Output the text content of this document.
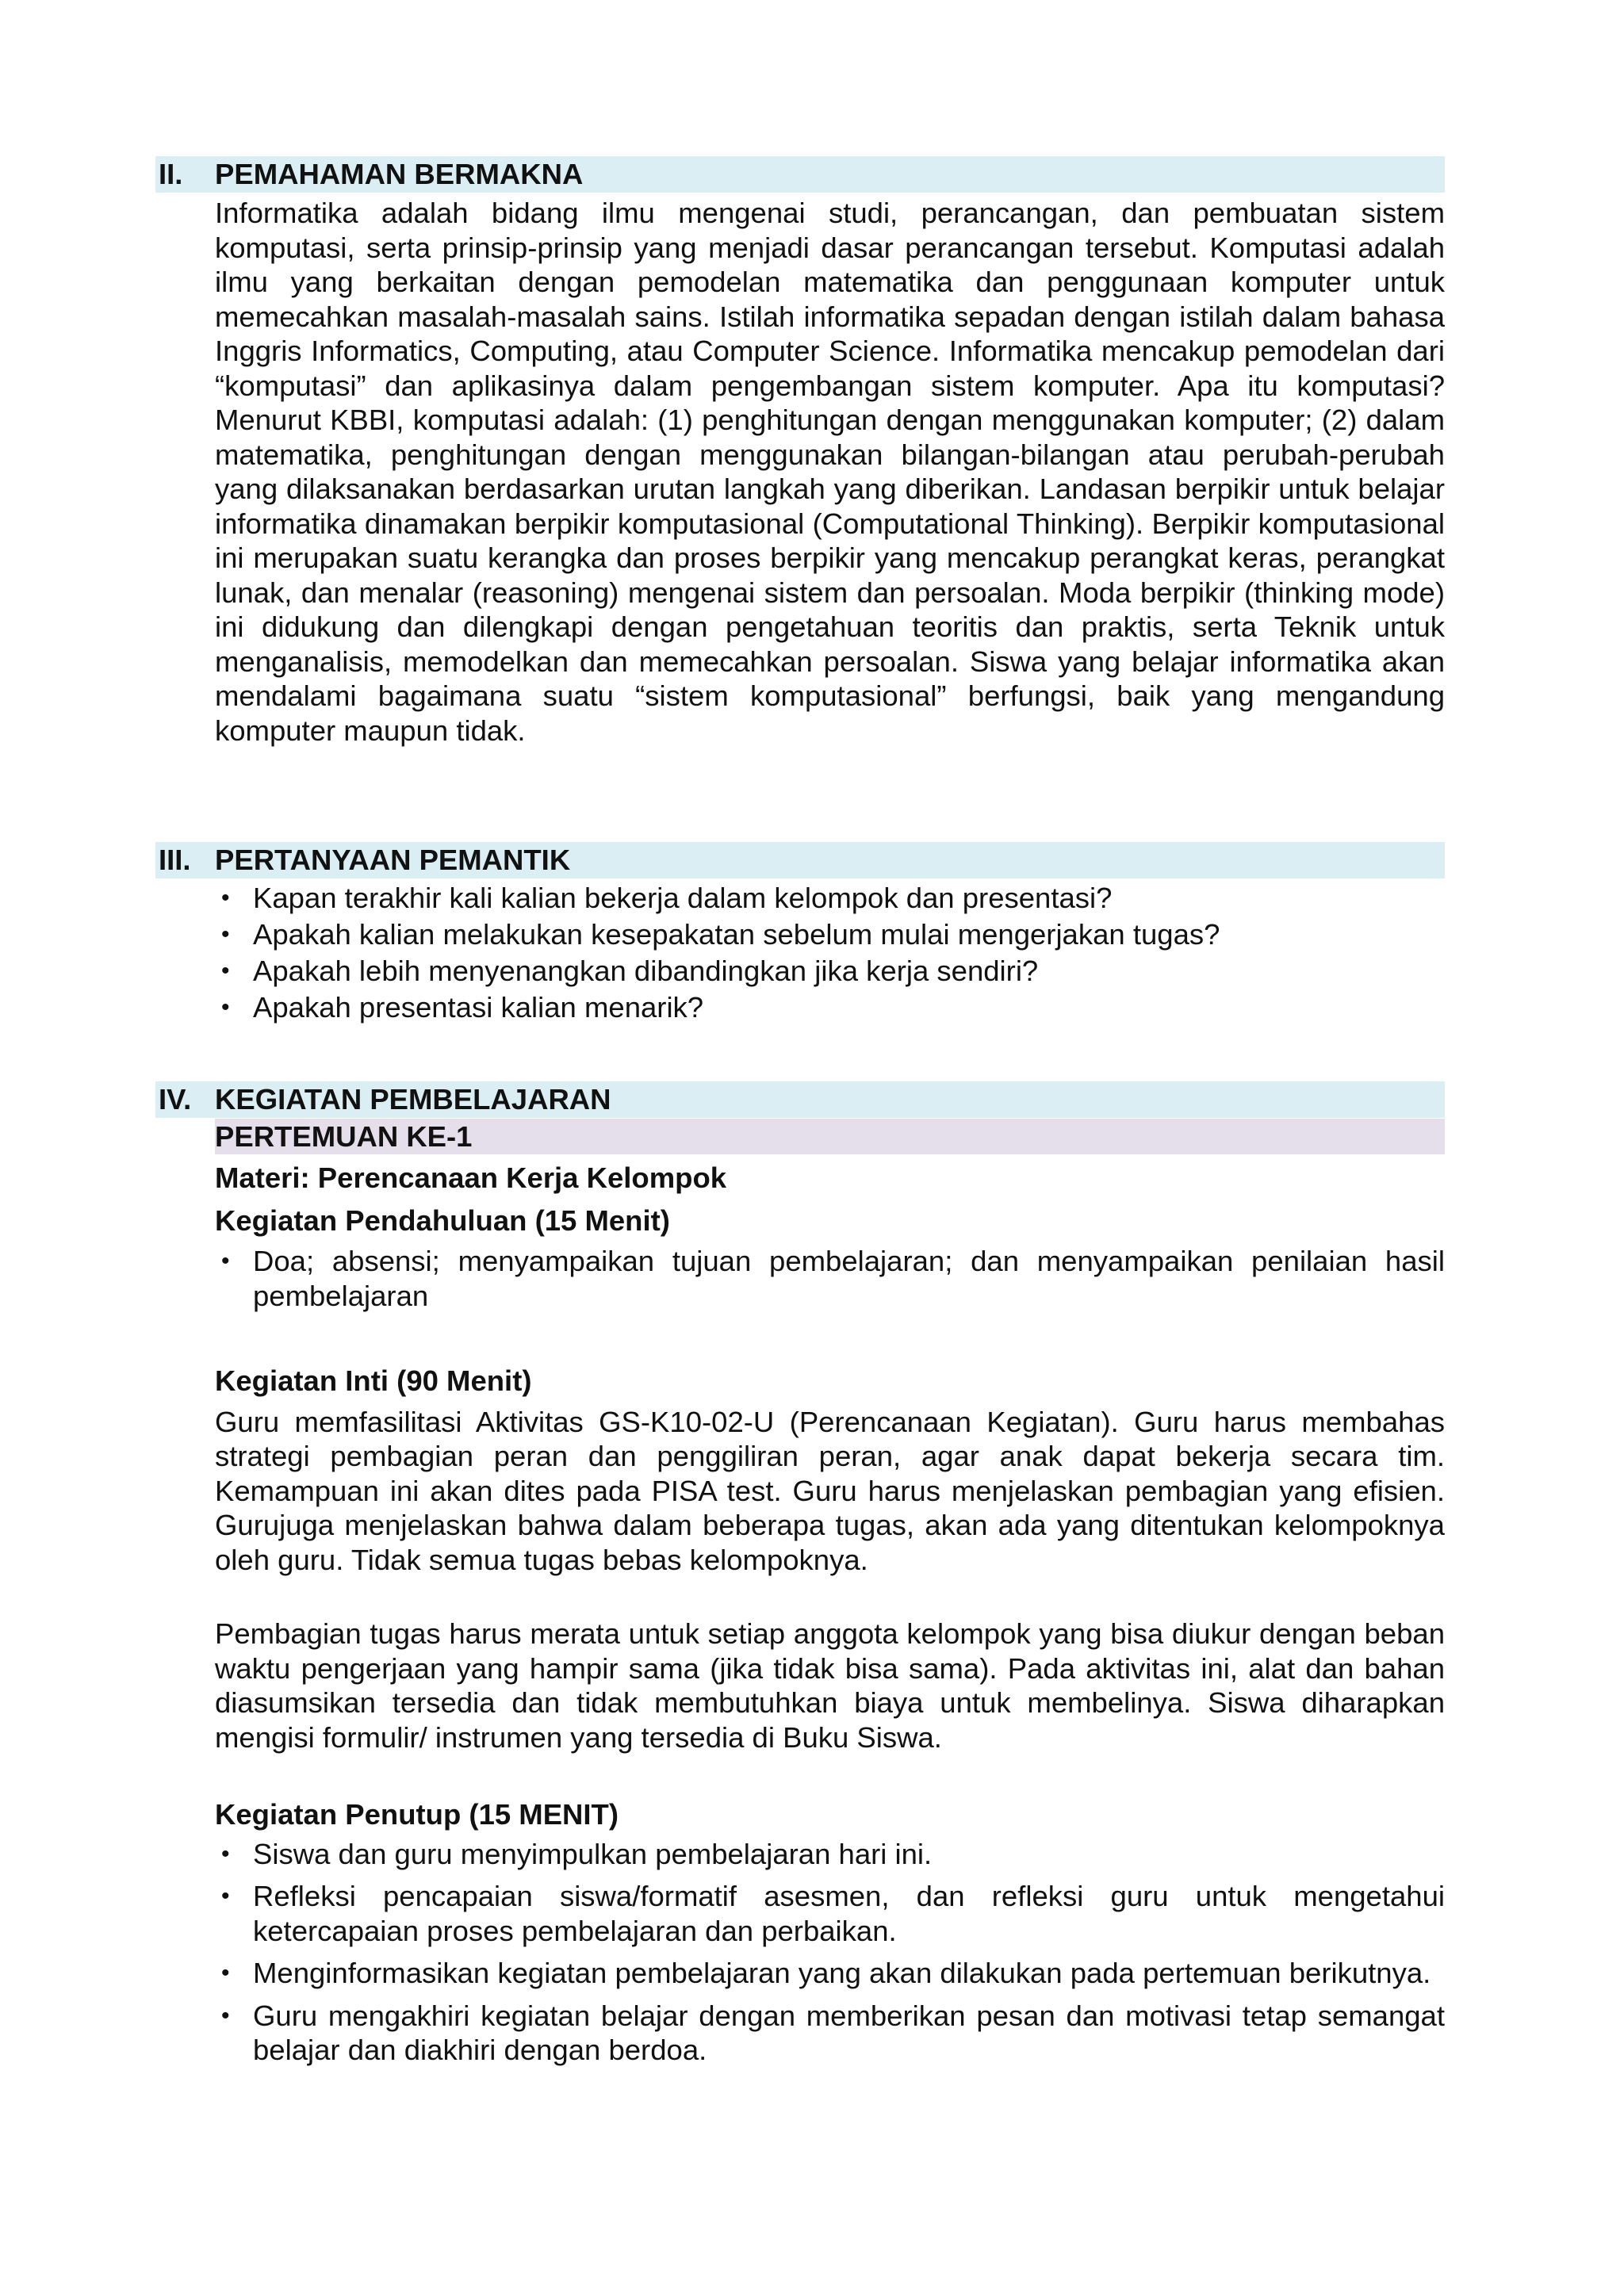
II. PEMAHAMAN BERMAKNA

Informatika adalah bidang ilmu mengenai studi, perancangan, dan pembuatan sistem komputasi, serta prinsip-prinsip yang menjadi dasar perancangan tersebut. Komputasi adalah ilmu yang berkaitan dengan pemodelan matematika dan penggunaan komputer untuk memecahkan masalah-masalah sains. Istilah informatika sepadan dengan istilah dalam bahasa Inggris Informatics, Computing, atau Computer Science. Informatika mencakup pemodelan dari “komputasi” dan aplikasinya dalam pengembangan sistem komputer. Apa itu komputasi? Menurut KBBI, komputasi adalah: (1) penghitungan dengan menggunakan komputer; (2) dalam matematika, penghitungan dengan menggunakan bilangan-bilangan atau perubah-perubah yang dilaksanakan berdasarkan urutan langkah yang diberikan. Landasan berpikir untuk belajar informatika dinamakan berpikir komputasional (Computational Thinking). Berpikir komputasional ini merupakan suatu kerangka dan proses berpikir yang mencakup perangkat keras, perangkat lunak, dan menalar (reasoning) mengenai sistem dan persoalan. Moda berpikir (thinking mode) ini didukung dan dilengkapi dengan pengetahuan teoritis dan praktis, serta Teknik untuk menganalisis, memodelkan dan memecahkan persoalan. Siswa yang belajar informatika akan mendalami bagaimana suatu “sistem komputasional” berfungsi, baik yang mengandung komputer maupun tidak.

III. PERTANYAAN PEMANTIK
• Kapan terakhir kali kalian bekerja dalam kelompok dan presentasi?
• Apakah kalian melakukan kesepakatan sebelum mulai mengerjakan tugas?
• Apakah lebih menyenangkan dibandingkan jika kerja sendiri?
• Apakah presentasi kalian menarik?
IV. KEGIATAN PEMBELAJARAN
PERTEMUAN KE-1

Materi: Perencanaan Kerja Kelompok

Kegiatan Pendahuluan (15 Menit)

• Doa; absensi; menyampaikan tujuan pembelajaran; dan menyampaikan penilaian hasil pembelajaran

Kegiatan Inti (90 Menit)

Guru memfasilitasi Aktivitas GS-K10-02-U (Perencanaan Kegiatan). Guru harus membahas strategi pembagian peran dan penggiliran peran, agar anak dapat bekerja secara tim. Kemampuan ini akan dites pada PISA test. Guru harus menjelaskan pembagian yang efisien. Gurujuga menjelaskan bahwa dalam beberapa tugas, akan ada yang ditentukan kelompoknya oleh guru. Tidak semua tugas bebas kelompoknya.

Pembagian tugas harus merata untuk setiap anggota kelompok yang bisa diukur dengan beban waktu pengerjaan yang hampir sama (jika tidak bisa sama). Pada aktivitas ini, alat dan bahan diasumsikan tersedia dan tidak membutuhkan biaya untuk membelinya. Siswa diharapkan mengisi formulir/ instrumen yang tersedia di Buku Siswa.

Kegiatan Penutup (15 MENIT)

• Siswa dan guru menyimpulkan pembelajaran hari ini.
• Refleksi pencapaian siswa/formatif asesmen, dan refleksi guru untuk mengetahui ketercapaian proses pembelajaran dan perbaikan.
• Menginformasikan kegiatan pembelajaran yang akan dilakukan pada pertemuan berikutnya.
• Guru mengakhiri kegiatan belajar dengan memberikan pesan dan motivasi tetap semangat belajar dan diakhiri dengan berdoa.
